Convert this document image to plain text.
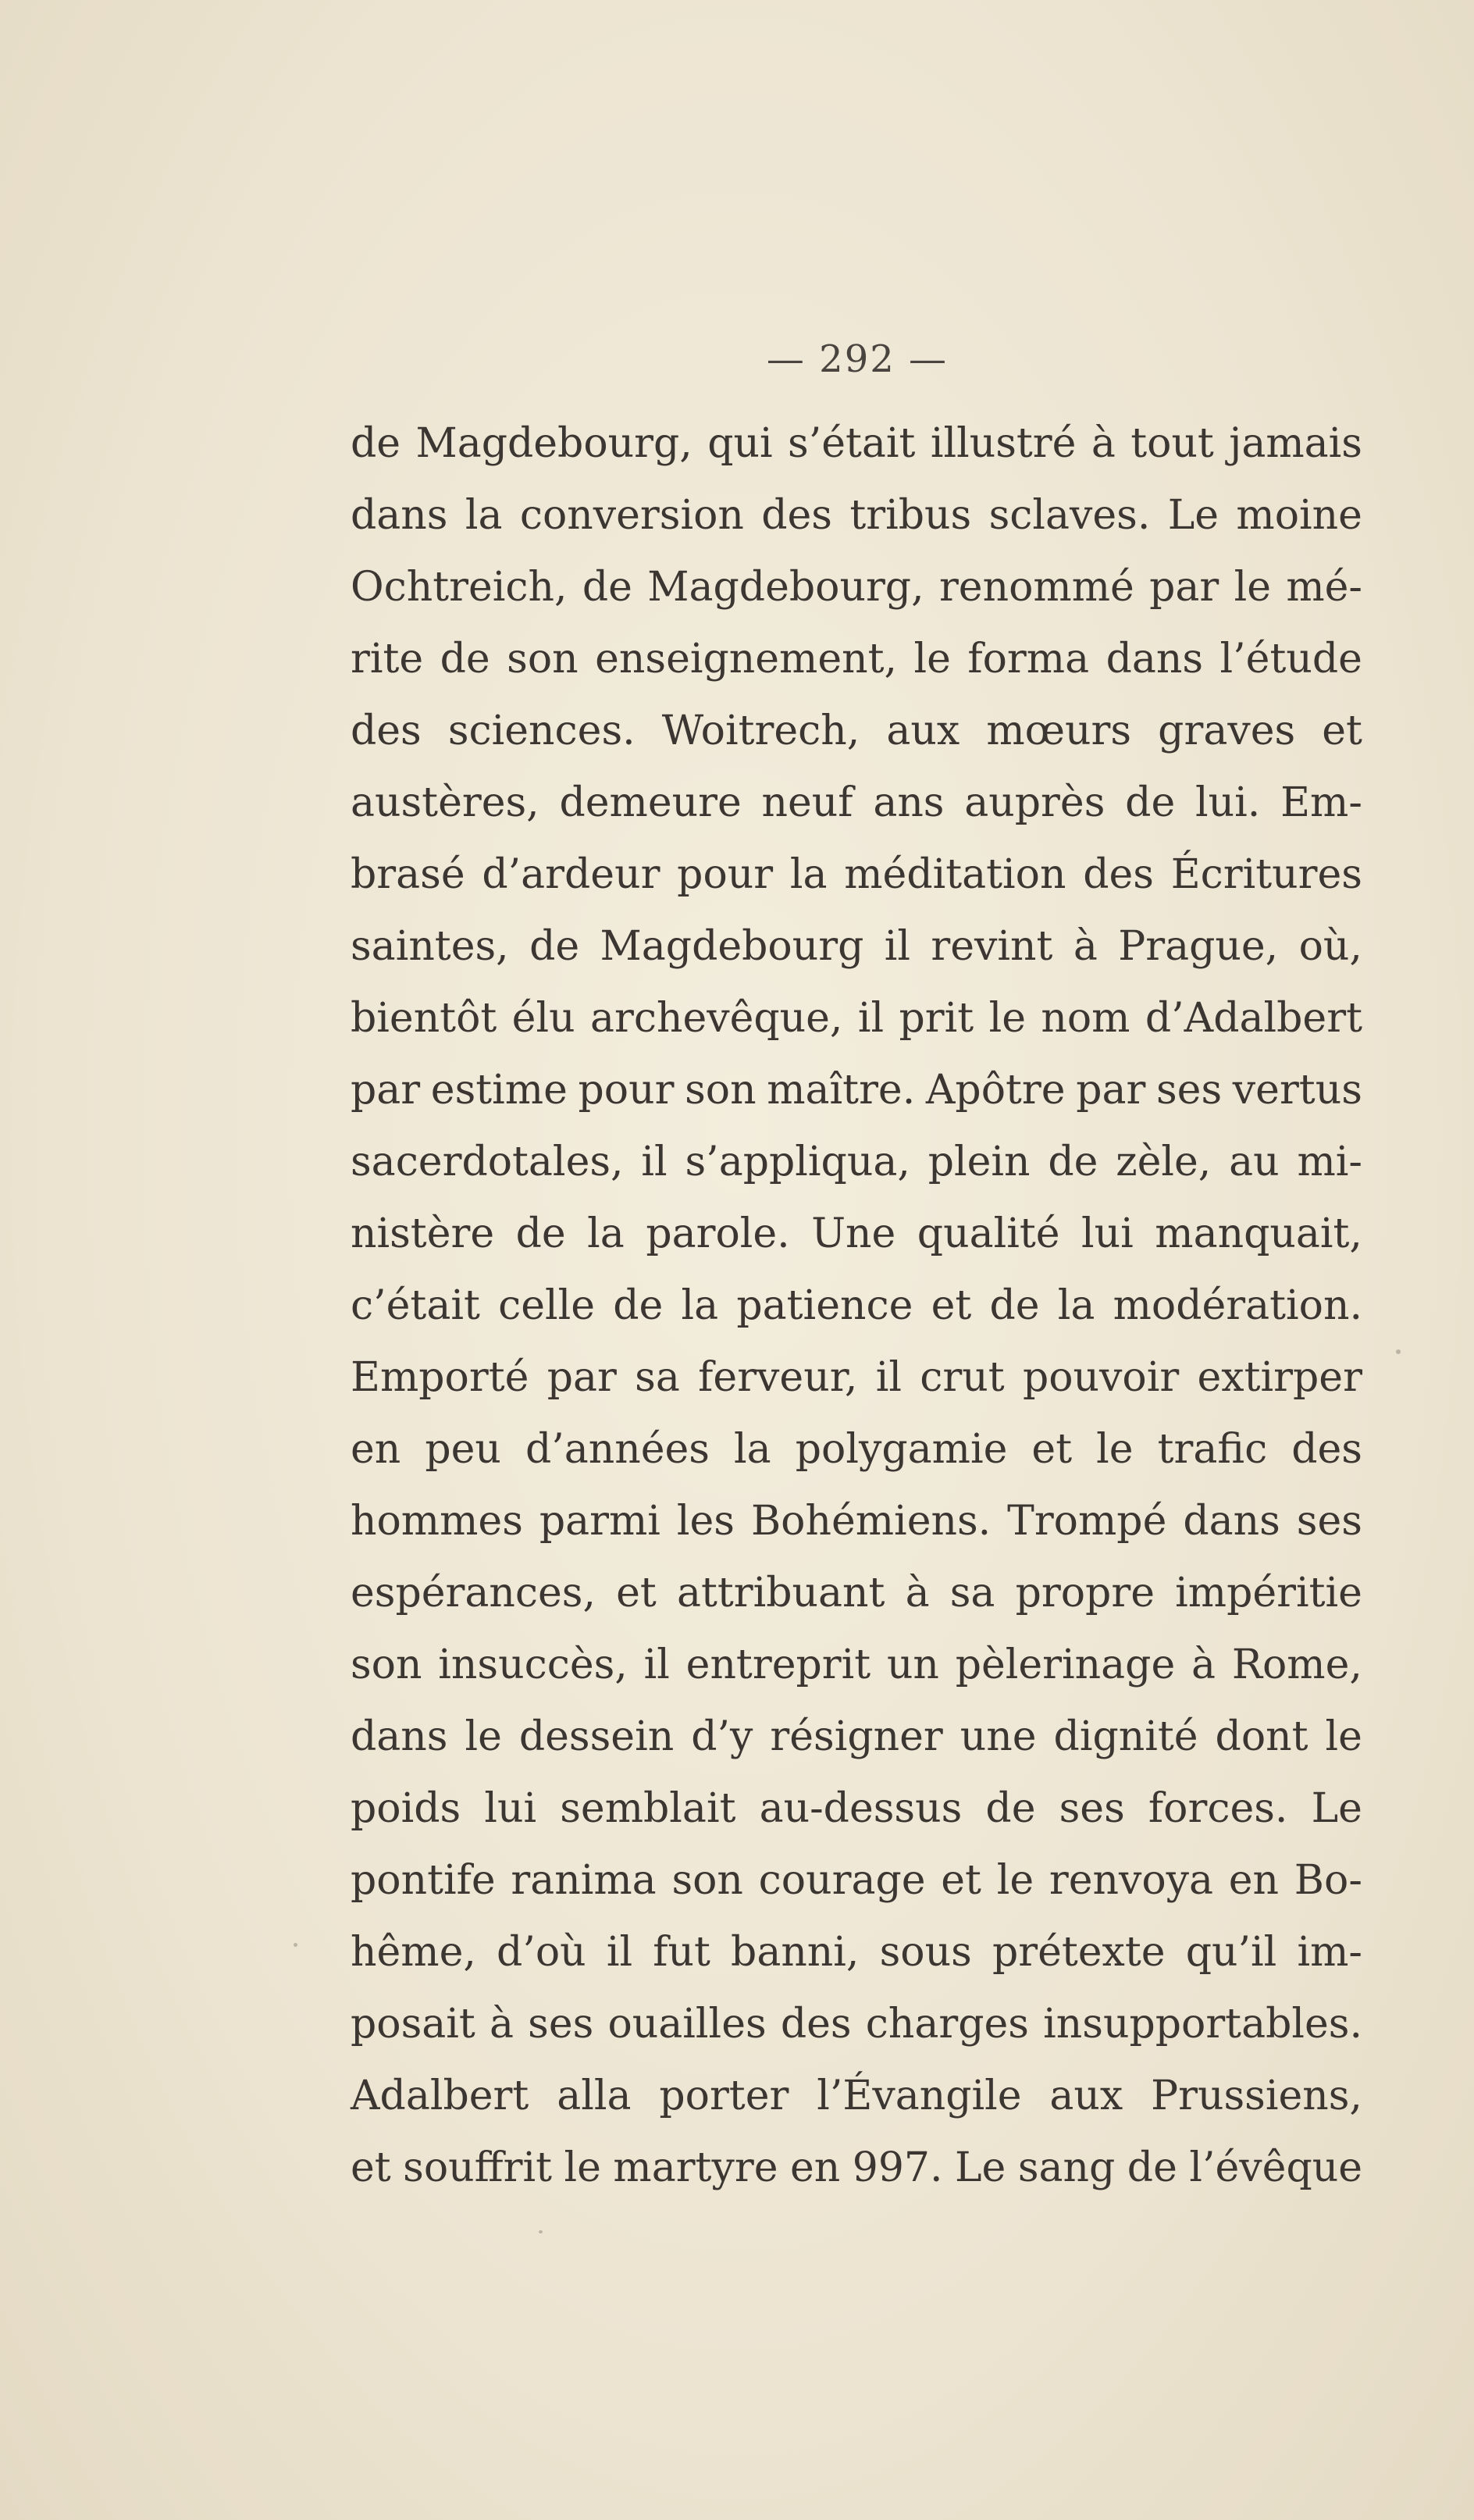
— 292 —
de Magdebourg, qui s’était illustré à tout jamais
dans la conversion des tribus sclaves. Le moine
Ochtreich, de Magdebourg, renommé par le mé-
rite de son enseignement, le forma dans l’étude
des sciences. Woitrech, aux mœurs graves et
austères, demeure neuf ans auprès de lui. Em-
brasé d’ardeur pour la méditation des Écritures
saintes, de Magdebourg il revint à Prague, où,
bientôt élu archevêque, il prit le nom d’Adalbert
par estime pour son maître. Apôtre par ses vertus
sacerdotales, il s’appliqua, plein de zèle, au mi-
nistère de la parole. Une qualité lui manquait,
c’était celle de la patience et de la modération.
Emporté par sa ferveur, il crut pouvoir extirper
en peu d’années la polygamie et le trafic des
hommes parmi les Bohémiens. Trompé dans ses
espérances, et attribuant à sa propre impéritie
son insuccès, il entreprit un pèlerinage à Rome,
dans le dessein d’y résigner une dignité dont le
poids lui semblait au-dessus de ses forces. Le
pontife ranima son courage et le renvoya en Bo-
hême, d’où il fut banni, sous prétexte qu’il im-
posait à ses ouailles des charges insupportables.
Adalbert alla porter l’Évangile aux Prussiens,
et souffrit le martyre en 997. Le sang de l’évêque
